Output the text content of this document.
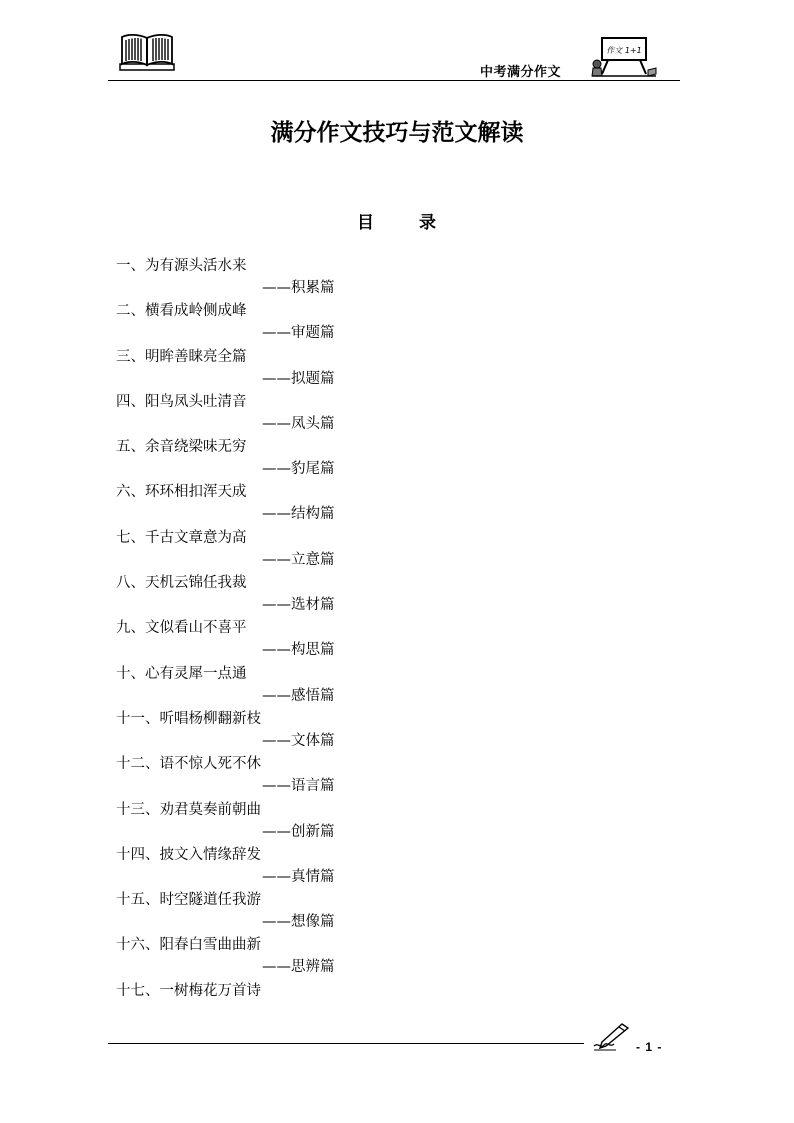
中考满分作文
作文 1+1
满分作文技巧与范文解读
目	录
一、为有源头活水来
——积累篇
二、横看成岭侧成峰
——审题篇
三、明眸善睐亮全篇
——拟题篇
四、阳鸟凤头吐清音
——凤头篇
五、余音绕梁味无穷
——豹尾篇
六、环环相扣浑天成
——结构篇
七、千古文章意为高
——立意篇
八、天机云锦任我裁
——选材篇
九、文似看山不喜平
——构思篇
十、心有灵犀一点通
——感悟篇
十一、听唱杨柳翻新枝
——文体篇
十二、语不惊人死不休
——语言篇
十三、劝君莫奏前朝曲
——创新篇
十四、披文入情缘辞发
——真情篇
十五、时空隧道任我游
——想像篇
十六、阳春白雪曲曲新
——思辨篇
十七、一树梅花万首诗
- 1 -
